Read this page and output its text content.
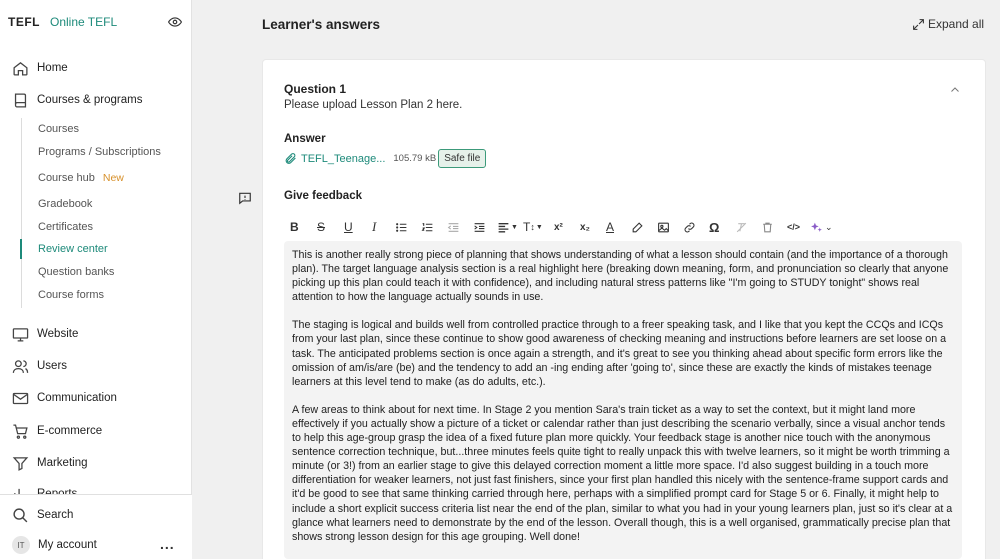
TEFL Online TEFL
Home
Courses & programs
Courses
Programs / Subscriptions
Course hub New
Gradebook
Certificates
Review center
Question banks
Course forms
Website
Users
Communication
E-commerce
Marketing
Search
IT	My account	...
Learner's answers	Expand all
Question 1
Please upload Lesson Plan 2 here.
Answer
TEFL_Teenage... 105.79 kB Safe file
Give feedback
B S U I	▼ T ↕ ▼ x² x₂ A	Ω	</>	⌄

This is another really strong piece of planning that shows understanding of what a lesson should contain (and the importance of a thorough plan). The target language analysis section is a real highlight here (breaking down meaning, form, and pronunciation so clearly that anyone picking up this plan could teach it with confidence), and including natural stress patterns like "I'm going to STUDY tonight" shows real attention to how the language actually sounds in use.

The staging is logical and builds well from controlled practice through to a freer speaking task, and I like that you kept the CCQs and ICQs from your last plan, since these continue to show good awareness of checking meaning and instructions before learners are set loose on a task. The anticipated problems section is once again a strength, and it's great to see you thinking ahead about specific form errors like the omission of am/is/are (be) and the tendency to add an -ing ending after 'going to', since these are exactly the kinds of mistakes teenage learners at this level tend to make (as do adults, etc.).

A few areas to think about for next time. In Stage 2 you mention Sara's train ticket as a way to set the context, but it might land more effectively if you actually show a picture of a ticket or calendar rather than just describing the scenario verbally, since a visual anchor tends to help this age-group grasp the idea of a fixed future plan more quickly. Your feedback stage is another nice touch with the anonymous sentence correction technique, but...three minutes feels quite tight to really unpack this with twelve learners, so it might be worth trimming a minute (or 3!) from an earlier stage to give this delayed correction moment a little more space. I'd also suggest building in a touch more differentiation for weaker learners, not just fast finishers, since your first plan handled this nicely with the sentence-frame support cards and it'd be good to see that same thinking carried through here, perhaps with a simplified prompt card for Stage 5 or 6. Finally, it might help to include a short explicit success criteria list near the end of the plan, similar to what you had in your young learners plan, just so it's clear at a glance what learners need to demonstrate by the end of the lesson. Overall though, this is a well organised, grammatically precise plan that shows strong lesson design for this age grouping. Well done!
